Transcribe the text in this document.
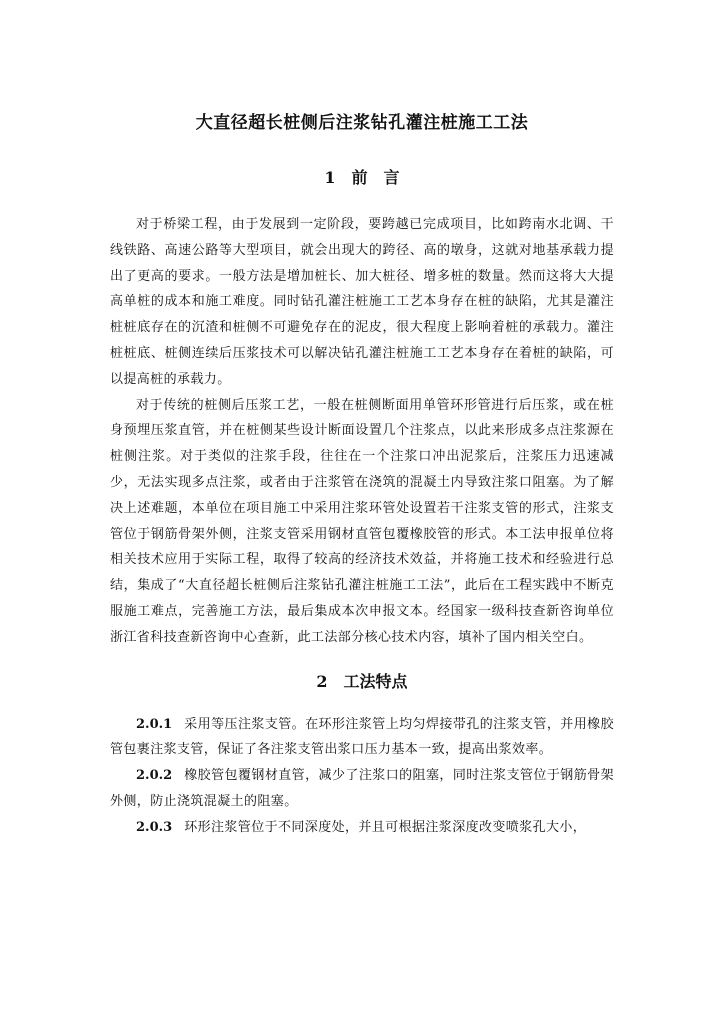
大直径超长桩侧后注浆钻孔灌注桩施工工法
1　前　言

对于桥梁工程，由于发展到一定阶段，要跨越已完成项目，比如跨南水北调、干线铁路、高速公路等大型项目，就会出现大的跨径、高的墩身，这就对地基承载力提出了更高的要求。一般方法是增加桩长、加大桩径、增多桩的数量。然而这将大大提高单桩的成本和施工难度。同时钻孔灌注桩施工工艺本身存在桩的缺陷，尤其是灌注桩桩底存在的沉渣和桩侧不可避免存在的泥皮，很大程度上影响着桩的承载力。灌注桩桩底、桩侧连续后压浆技术可以解决钻孔灌注桩施工工艺本身存在着桩的缺陷，可以提高桩的承载力。

对于传统的桩侧后压浆工艺，一般在桩侧断面用单管环形管进行后压浆，或在桩身预埋压浆直管，并在桩侧某些设计断面设置几个注浆点，以此来形成多点注浆源在桩侧注浆。对于类似的注浆手段，往往在一个注浆口冲出泥浆后，注浆压力迅速减少，无法实现多点注浆，或者由于注浆管在浇筑的混凝土内导致注浆口阻塞。为了解决上述难题，本单位在项目施工中采用注浆环管处设置若干注浆支管的形式，注浆支管位于钢筋骨架外侧，注浆支管采用钢材直管包覆橡胶管的形式。本工法申报单位将相关技术应用于实际工程，取得了较高的经济技术效益，并将施工技术和经验进行总结，集成了“大直径超长桩侧后注浆钻孔灌注桩施工工法”，此后在工程实践中不断克服施工难点，完善施工方法，最后集成本次申报文本。经国家一级科技查新咨询单位浙江省科技查新咨询中心查新，此工法部分核心技术内容，填补了国内相关空白。

2　工法特点

2.0.1 采用等压注浆支管。在环形注浆管上均匀焊接带孔的注浆支管，并用橡胶管包裹注浆支管，保证了各注浆支管出浆口压力基本一致，提高出浆效率。

2.0.2 橡胶管包覆钢材直管，减少了注浆口的阻塞，同时注浆支管位于钢筋骨架外侧，防止浇筑混凝土的阻塞。

2.0.3 环形注浆管位于不同深度处，并且可根据注浆深度改变喷浆孔大小，
